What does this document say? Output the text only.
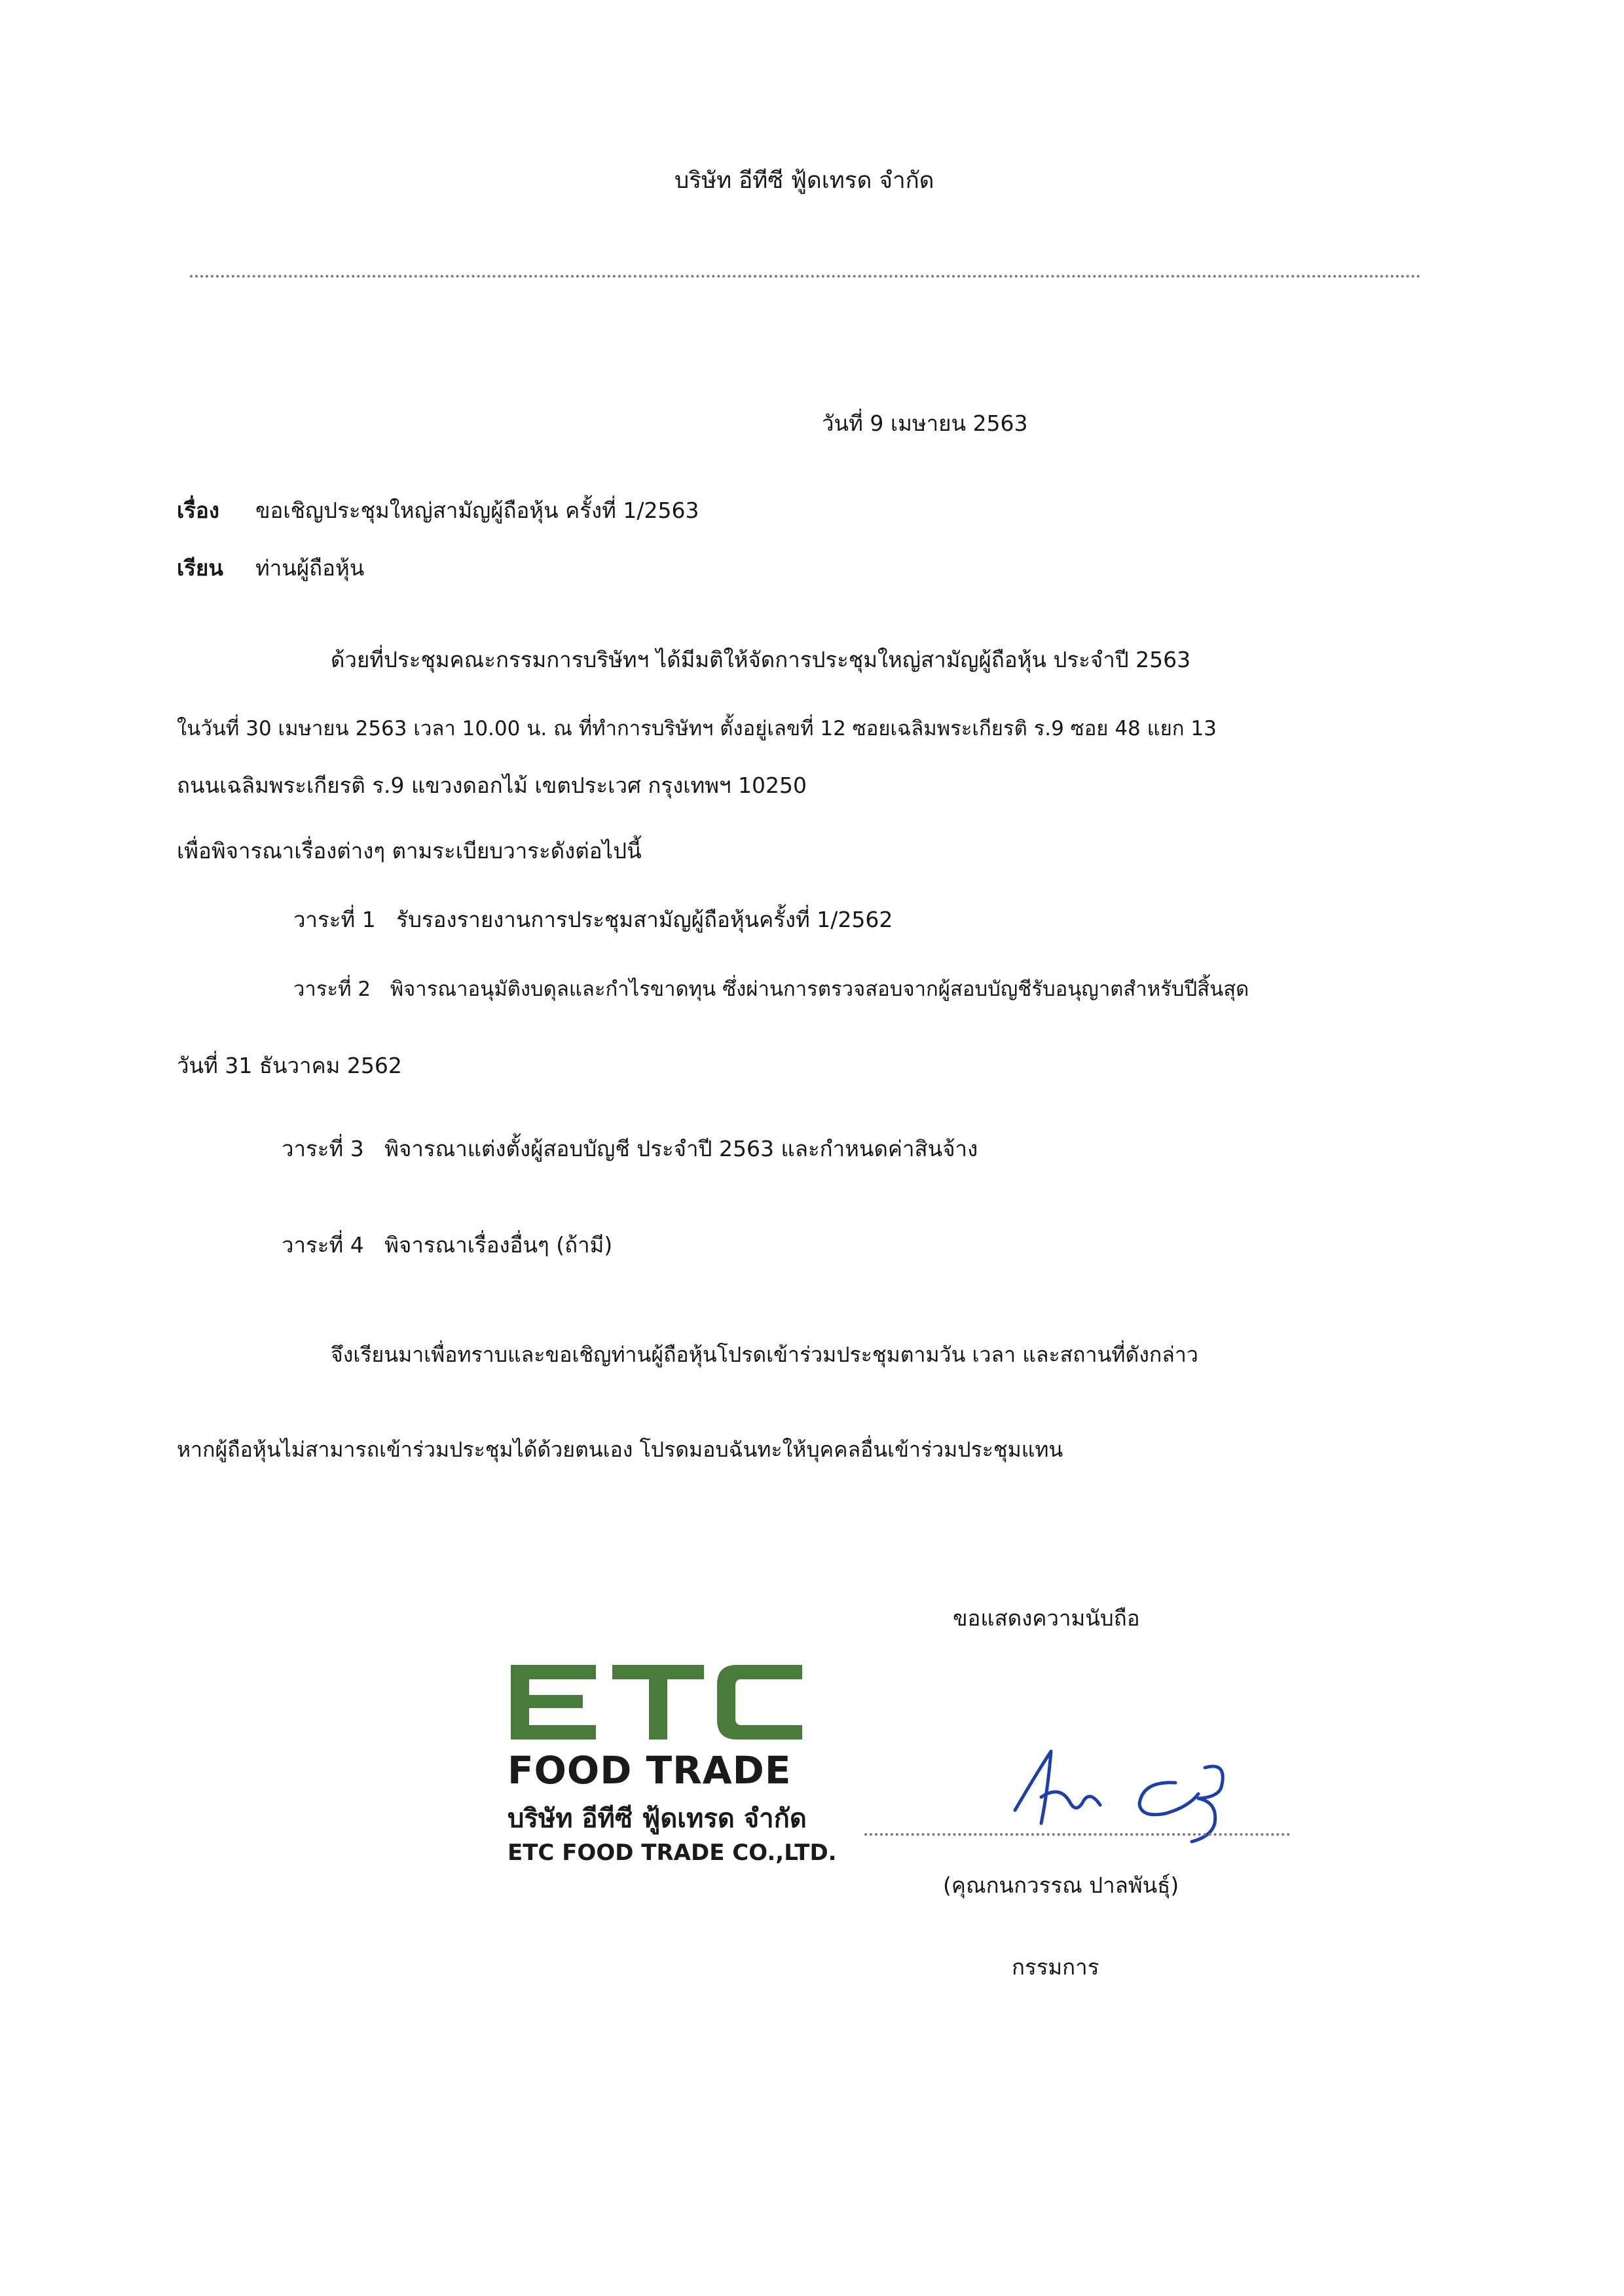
บริษัท อีทีซี ฟู้ดเทรด จำกัด
วันที่ 9 เมษายน 2563
เรื่อง ขอเชิญประชุมใหญ่สามัญผู้ถือหุ้น ครั้งที่ 1/2563
เรียน ท่านผู้ถือหุ้น
ด้วยที่ประชุมคณะกรรมการบริษัทฯ ได้มีมติให้จัดการประชุมใหญ่สามัญผู้ถือหุ้น ประจำปี 2563
ในวันที่ 30 เมษายน 2563 เวลา 10.00 น. ณ ที่ทำการบริษัทฯ ตั้งอยู่เลขที่ 12 ซอยเฉลิมพระเกียรติ ร.9 ซอย 48 แยก 13
ถนนเฉลิมพระเกียรติ ร.9 แขวงดอกไม้ เขตประเวศ กรุงเทพฯ 10250
เพื่อพิจารณาเรื่องต่างๆ ตามระเบียบวาระดังต่อไปนี้
วาระที่ 1 รับรองรายงานการประชุมสามัญผู้ถือหุ้นครั้งที่ 1/2562
วาระที่ 2 พิจารณาอนุมัติงบดุลและกำไรขาดทุน ซึ่งผ่านการตรวจสอบจากผู้สอบบัญชีรับอนุญาตสำหรับปีสิ้นสุด
วันที่ 31 ธันวาคม 2562
วาระที่ 3 พิจารณาแต่งตั้งผู้สอบบัญชี ประจำปี 2563 และกำหนดค่าสินจ้าง
วาระที่ 4 พิจารณาเรื่องอื่นๆ (ถ้ามี)
จึงเรียนมาเพื่อทราบและขอเชิญท่านผู้ถือหุ้นโปรดเข้าร่วมประชุมตามวัน เวลา และสถานที่ดังกล่าว
หากผู้ถือหุ้นไม่สามารถเข้าร่วมประชุมได้ด้วยตนเอง โปรดมอบฉันทะให้บุคคลอื่นเข้าร่วมประชุมแทน
ขอแสดงความนับถือ
FOOD TRADE
บริษัท อีทีซี ฟู้ดเทรด จำกัด
ETC FOOD TRADE CO.,LTD.
(คุณกนกวรรณ ปาลพันธุ์)
กรรมการ
